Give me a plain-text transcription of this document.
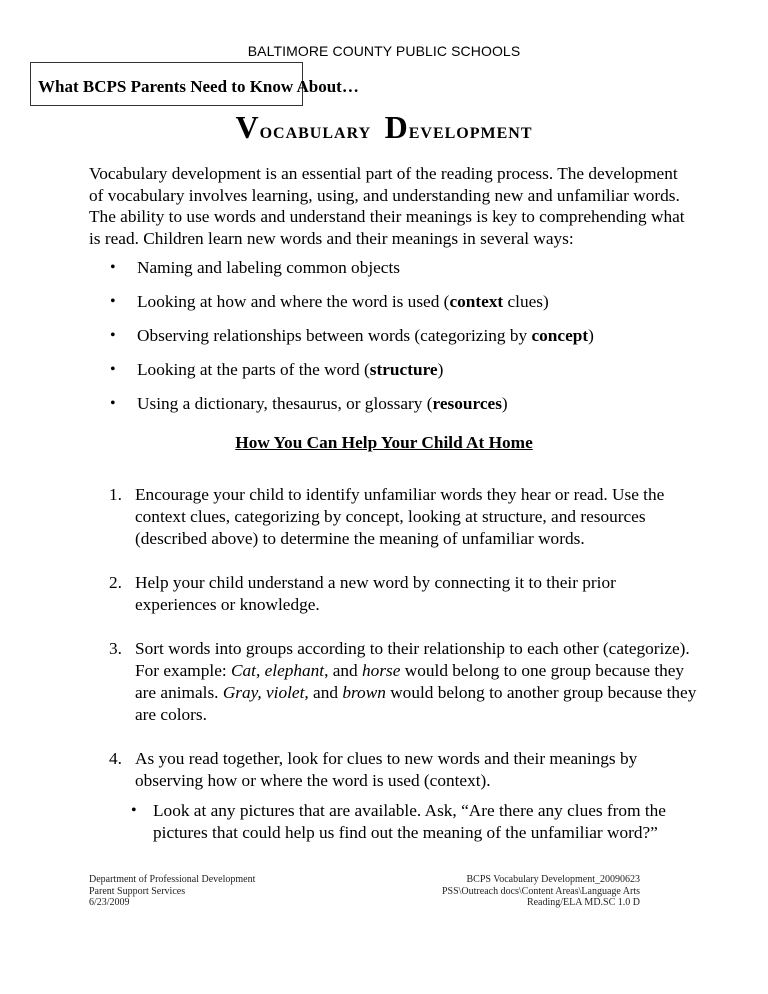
BALTIMORE COUNTY PUBLIC SCHOOLS
What BCPS Parents Need to Know About…
Vocabulary Development

Vocabulary development is an essential part of the reading process. The development of vocabulary involves learning, using, and understanding new and unfamiliar words. The ability to use words and understand their meanings is key to comprehending what is read. Children learn new words and their meanings in several ways:

• Naming and labeling common objects
• Looking at how and where the word is used (context clues)
• Observing relationships between words (categorizing by concept)
• Looking at the parts of the word (structure)
• Using a dictionary, thesaurus, or glossary (resources)
How You Can Help Your Child At Home
1. Encourage your child to identify unfamiliar words they hear or read. Use the context clues, categorizing by concept, looking at structure, and resources (described above) to determine the meaning of unfamiliar words.
2. Help your child understand a new word by connecting it to their prior experiences or knowledge.
3. Sort words into groups according to their relationship to each other (categorize). For example: Cat, elephant, and horse would belong to one group because they are animals. Gray, violet, and brown would belong to another group because they are colors.
4. As you read together, look for clues to new words and their meanings by observing how or where the word is used (context).
• Look at any pictures that are available. Ask, “Are there any clues from the pictures that could help us find out the meaning of the unfamiliar word?”
Department of Professional Development
Parent Support Services
6/23/2009
BCPS Vocabulary Development_20090623
PSS\Outreach docs\Content Areas\Language Arts
Reading/ELA MD.SC 1.0 D
